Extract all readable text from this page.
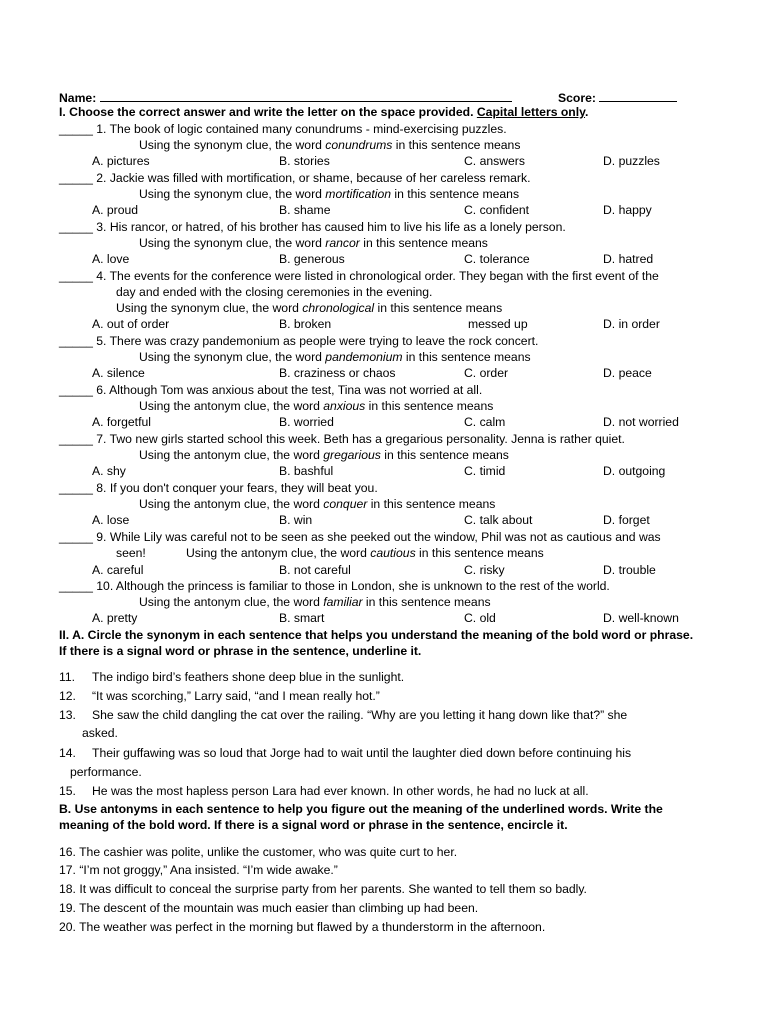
Name:	Score:
I. Choose the correct answer and write the letter on the space provided. Capital letters only.
_____ 1. The book of logic contained many conundrums - mind-exercising puzzles.
Using the synonym clue, the word conundrums in this sentence means
A. pictures	B. stories	C. answers	D. puzzles
_____ 2. Jackie was filled with mortification, or shame, because of her careless remark.
Using the synonym clue, the word mortification in this sentence means
A. proud	B. shame	C. confident	D. happy
_____ 3. His rancor, or hatred, of his brother has caused him to live his life as a lonely person.
Using the synonym clue, the word rancor in this sentence means
A. love	B. generous	C. tolerance	D. hatred
_____ 4. The events for the conference were listed in chronological order. They began with the first event of the
day and ended with the closing ceremonies in the evening.
Using the synonym clue, the word chronological in this sentence means
A. out of order	B. broken	messed up	D. in order
_____ 5. There was crazy pandemonium as people were trying to leave the rock concert.
Using the synonym clue, the word pandemonium in this sentence means
A. silence	B. craziness or chaos	C. order	D. peace
_____ 6. Although Tom was anxious about the test, Tina was not worried at all.
Using the antonym clue, the word anxious in this sentence means
A. forgetful	B. worried	C. calm	D. not worried
_____ 7. Two new girls started school this week. Beth has a gregarious personality. Jenna is rather quiet.
Using the antonym clue, the word gregarious in this sentence means
A. shy	B. bashful	C. timid	D. outgoing
_____ 8. If you don't conquer your fears, they will beat you.
Using the antonym clue, the word conquer in this sentence means
A. lose	B. win	C. talk about	D. forget
_____ 9. While Lily was careful not to be seen as she peeked out the window, Phil was not as cautious and was
seen!	Using the antonym clue, the word cautious in this sentence means
A. careful	B. not careful	C. risky	D. trouble
_____ 10. Although the princess is familiar to those in London, she is unknown to the rest of the world.
Using the antonym clue, the word familiar in this sentence means
A. pretty	B. smart	C. old	D. well-known
II. A. Circle the synonym in each sentence that helps you understand the meaning of the bold word or phrase.
If there is a signal word or phrase in the sentence, underline it.
11. The indigo bird’s feathers shone deep blue in the sunlight.
12. “It was scorching,” Larry said, “and I mean really hot.”
13. She saw the child dangling the cat over the railing. “Why are you letting it hang down like that?” she
asked.
14. Their guffawing was so loud that Jorge had to wait until the laughter died down before continuing his
performance.
15. He was the most hapless person Lara had ever known. In other words, he had no luck at all.
B. Use antonyms in each sentence to help you figure out the meaning of the underlined words. Write the
meaning of the bold word. If there is a signal word or phrase in the sentence, encircle it.
16. The cashier was polite, unlike the customer, who was quite curt to her.
17. “I’m not groggy,” Ana insisted. “I’m wide awake.”
18. It was difficult to conceal the surprise party from her parents. She wanted to tell them so badly.
19. The descent of the mountain was much easier than climbing up had been.
20. The weather was perfect in the morning but flawed by a thunderstorm in the afternoon.
